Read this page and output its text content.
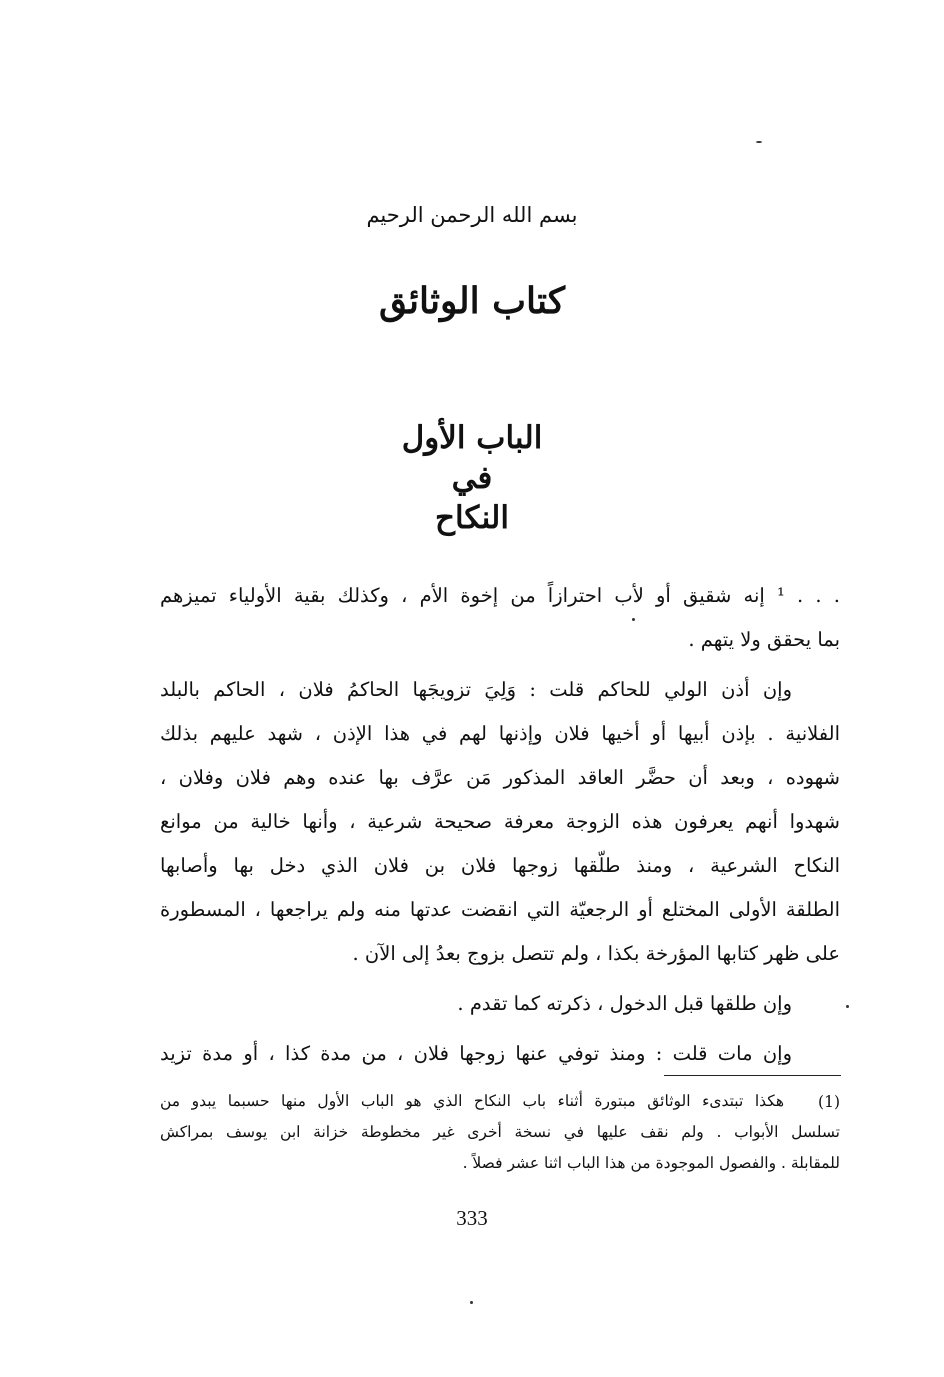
بسم الله الرحمن الرحيم
كتاب الوثائق
الباب الأول
في
النكاح
. . . ¹ إنه شقيق أو لأب احترازاً من إخوة الأم ، وكذلك بقية الأولياء تميزهم
بما يحقق ولا يتهم .
وإن أذن الولي للحاكم قلت : وَلِيَ تزويجَها الحاكمُ فلان ، الحاكم بالبلد
الفلانية . بإذن أبيها أو أخيها فلان وإذنها لهم في هذا الإذن ، شهد عليهم بذلك
شهوده ، وبعد أن حضَّر العاقد المذكور مَن عرَّف بها عنده وهم فلان وفلان ،
شهدوا أنهم يعرفون هذه الزوجة معرفة صحيحة شرعية ، وأنها خالية من موانع
النكاح الشرعية ، ومنذ طلّقها زوجها فلان بن فلان الذي دخل بها وأصابها
الطلقة الأولى المختلع أو الرجعيّة التي انقضت عدتها منه ولم يراجعها ، المسطورة
على ظهر كتابها المؤرخة بكذا ، ولم تتصل بزوج بعدُ إلى الآن .
وإن طلقها قبل الدخول ، ذكرته كما تقدم .
وإن مات قلت : ومنذ توفي عنها زوجها فلان ، من مدة كذا ، أو مدة تزيد
(1)
هكذا تبتدىء الوثائق مبتورة أثناء باب النكاح الذي هو الباب الأول منها حسبما يبدو من
تسلسل الأبواب . ولم نقف عليها في نسخة أخرى غير مخطوطة خزانة ابن يوسف بمراكش
للمقابلة . والفصول الموجودة من هذا الباب اثنا عشر فصلاً .
333
